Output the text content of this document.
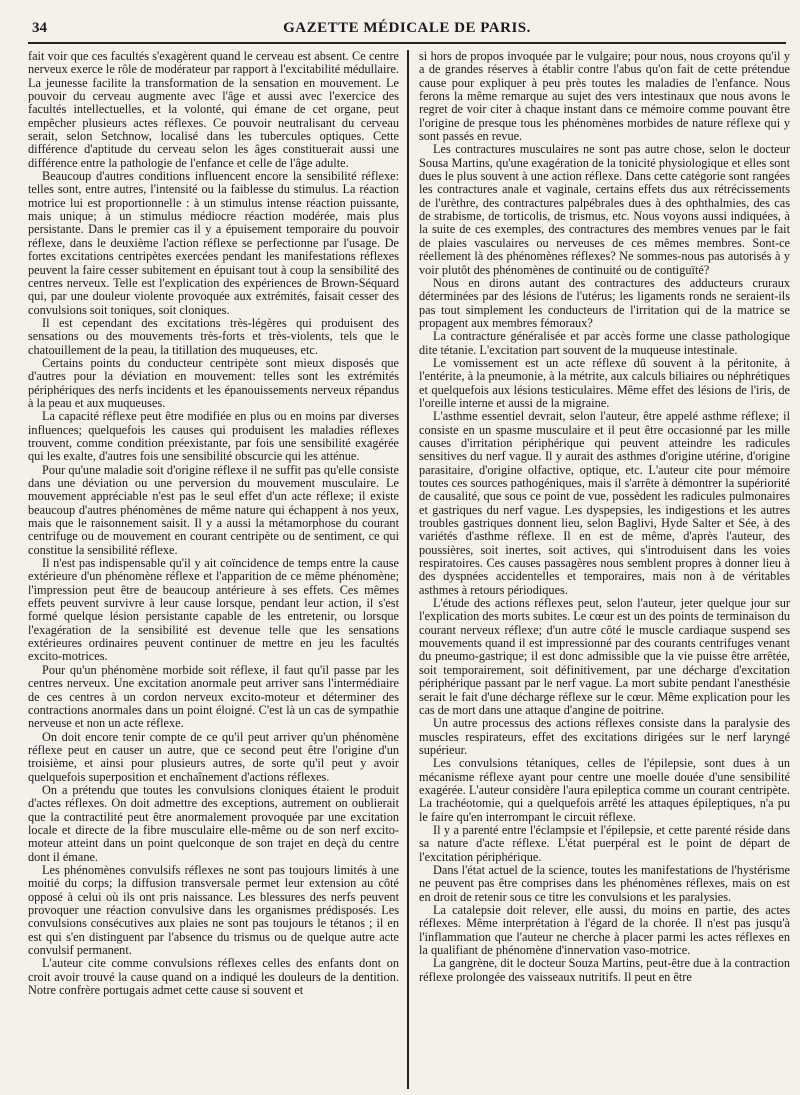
34	GAZETTE MÉDICALE DE PARIS.

fait voir que ces facultés s'exagèrent quand le cerveau est absent. Ce centre nerveux exerce le rôle de modérateur par rapport à l'excitabilité médullaire. La jeunesse facilite la transformation de la sensation en mouvement. Le pouvoir du cerveau augmente avec l'âge et aussi avec l'exercice des facultés intellectuelles, et la volonté, qui émane de cet organe, peut empêcher plusieurs actes réflexes. Ce pouvoir neutralisant du cerveau serait, selon Setchnow, localisé dans les tubercules optiques. Cette différence d'aptitude du cerveau selon les âges constituerait aussi une différence entre la pathologie de l'enfance et celle de l'âge adulte.

Beaucoup d'autres conditions influencent encore la sensibilité réflexe: telles sont, entre autres, l'intensité ou la faiblesse du stimulus. La réaction motrice lui est proportionnelle : à un stimulus intense réaction puissante, mais unique; à un stimulus médiocre réaction modérée, mais plus persistante. Dans le premier cas il y a épuisement temporaire du pouvoir réflexe, dans le deuxième l'action réflexe se perfectionne par l'usage. De fortes excitations centripètes exercées pendant les manifestations réflexes peuvent la faire cesser subitement en épuisant tout à coup la sensibilité des centres nerveux. Telle est l'explication des expériences de Brown-Séquard qui, par une douleur violente provoquée aux extrémités, faisait cesser des convulsions soit toniques, soit cloniques.

Il est cependant des excitations très-légères qui produisent des sensations ou des mouvements très-forts et très-violents, tels que le chatouillement de la peau, la titillation des muqueuses, etc.

Certains points du conducteur centripète sont mieux disposés que d'autres pour la déviation en mouvement: telles sont les extrémités périphériques des nerfs incidents et les épanouissements nerveux répandus à la peau et aux muqueuses.

La capacité réflexe peut être modifiée en plus ou en moins par diverses influences; quelquefois les causes qui produisent les maladies réflexes trouvent, comme condition préexistante, par fois une sensibilité exagérée qui les exalte, d'autres fois une sensibilité obscurcie qui les atténue.

Pour qu'une maladie soit d'origine réflexe il ne suffit pas qu'elle consiste dans une déviation ou une perversion du mouvement musculaire. Le mouvement appréciable n'est pas le seul effet d'un acte réflexe; il existe beaucoup d'autres phénomènes de même nature qui échappent à nos yeux, mais que le raisonnement saisit. Il y a aussi la métamorphose du courant centrifuge ou de mouvement en courant centripète ou de sentiment, ce qui constitue la sensibilité réflexe.

Il n'est pas indispensable qu'il y ait coïncidence de temps entre la cause extérieure d'un phénomène réflexe et l'apparition de ce même phénomène; l'impression peut être de beaucoup antérieure à ses effets. Ces mêmes effets peuvent survivre à leur cause lorsque, pendant leur action, il s'est formé quelque lésion persistante capable de les entretenir, ou lorsque l'exagération de la sensibilité est devenue telle que les sensations extérieures ordinaires peuvent continuer de mettre en jeu les facultés excito-motrices.

Pour qu'un phénomène morbide soit réflexe, il faut qu'il passe par les centres nerveux. Une excitation anormale peut arriver sans l'intermédiaire de ces centres à un cordon nerveux excito-moteur et déterminer des contractions anormales dans un point éloigné. C'est là un cas de sympathie nerveuse et non un acte réflexe.

On doit encore tenir compte de ce qu'il peut arriver qu'un phénomène réflexe peut en causer un autre, que ce second peut être l'origine d'un troisième, et ainsi pour plusieurs autres, de sorte qu'il peut y avoir quelquefois superposition et enchaînement d'actions réflexes.

On a prétendu que toutes les convulsions cloniques étaient le produit d'actes réflexes. On doit admettre des exceptions, autrement on oublierait que la contractilité peut être anormalement provoquée par une excitation locale et directe de la fibre musculaire elle-même ou de son nerf excito-moteur atteint dans un point quelconque de son trajet en deçà du centre dont il émane.

Les phénomènes convulsifs réflexes ne sont pas toujours limités à une moitié du corps; la diffusion transversale permet leur extension au côté opposé à celui où ils ont pris naissance. Les blessures des nerfs peuvent provoquer une réaction convulsive dans les organismes prédisposés. Les convulsions consécutives aux plaies ne sont pas toujours le tétanos ; il en est qui s'en distinguent par l'absence du trismus ou de quelque autre acte convulsif permanent.

L'auteur cite comme convulsions réflexes celles des enfants dont on croit avoir trouvé la cause quand on a indiqué les douleurs de la dentition. Notre confrère portugais admet cette cause si souvent et

si hors de propos invoquée par le vulgaire; pour nous, nous croyons qu'il y a de grandes réserves à établir contre l'abus qu'on fait de cette prétendue cause pour expliquer à peu près toutes les maladies de l'enfance. Nous ferons la même remarque au sujet des vers intestinaux que nous avons le regret de voir citer à chaque instant dans ce mémoire comme pouvant être l'origine de presque tous les phénomènes morbides de nature réflexe qui y sont passés en revue.

Les contractures musculaires ne sont pas autre chose, selon le docteur Sousa Martins, qu'une exagération de la tonicité physiologique et elles sont dues le plus souvent à une action réflexe. Dans cette catégorie sont rangées les contractures anale et vaginale, certains effets dus aux rétrécissements de l'urèthre, des contractures palpébrales dues à des ophthalmies, des cas de strabisme, de torticolis, de trismus, etc. Nous voyons aussi indiquées, à la suite de ces exemples, des contractures des membres venues par le fait de plaies vasculaires ou nerveuses de ces mêmes membres. Sont-ce réellement là des phénomènes réflexes? Ne sommes-nous pas autorisés à y voir plutôt des phénomènes de continuité ou de contiguïté?

Nous en dirons autant des contractures des adducteurs cruraux déterminées par des lésions de l'utérus; les ligaments ronds ne seraient-ils pas tout simplement les conducteurs de l'irritation qui de la matrice se propagent aux membres fémoraux?

La contracture généralisée et par accès forme une classe pathologique dite tétanie. L'excitation part souvent de la muqueuse intestinale.

Le vomissement est un acte réflexe dû souvent à la péritonite, à l'entérite, à la pneumonie, à la métrite, aux calculs biliaires ou néphrétiques et quelquefois aux lésions testiculaires. Même effet des lésions de l'iris, de l'oreille interne et aussi de la migraine.

L'asthme essentiel devrait, selon l'auteur, être appelé asthme réflexe; il consiste en un spasme musculaire et il peut être occasionné par les mille causes d'irritation périphérique qui peuvent atteindre les radicules sensitives du nerf vague. Il y aurait des asthmes d'origine utérine, d'origine parasitaire, d'origine olfactive, optique, etc. L'auteur cite pour mémoire toutes ces sources pathogéniques, mais il s'arrête à démontrer la supériorité de causalité, que sous ce point de vue, possèdent les radicules pulmonaires et gastriques du nerf vague. Les dyspepsies, les indigestions et les autres troubles gastriques donnent lieu, selon Baglivi, Hyde Salter et Sée, à des variétés d'asthme réflexe. Il en est de même, d'après l'auteur, des poussières, soit inertes, soit actives, qui s'introduisent dans les voies respiratoires. Ces causes passagères nous semblent propres à donner lieu à des dyspnées accidentelles et temporaires, mais non à de véritables asthmes à retours périodiques.

L'étude des actions réflexes peut, selon l'auteur, jeter quelque jour sur l'explication des morts subites. Le cœur est un des points de terminaison du courant nerveux réflexe; d'un autre côté le muscle cardiaque suspend ses mouvements quand il est impressionné par des courants centrifuges venant du pneumo-gastrique; il est donc admissible que la vie puisse être arrêtée, soit temporairement, soit définitivement, par une décharge d'excitation périphérique passant par le nerf vague. La mort subite pendant l'anesthésie serait le fait d'une décharge réflexe sur le cœur. Même explication pour les cas de mort dans une attaque d'angine de poitrine.

Un autre processus des actions réflexes consiste dans la paralysie des muscles respirateurs, effet des excitations dirigées sur le nerf laryngé supérieur.

Les convulsions tétaniques, celles de l'épilepsie, sont dues à un mécanisme réflexe ayant pour centre une moelle douée d'une sensibilité exagérée. L'auteur considère l'aura epileptica comme un courant centripète. La trachéotomie, qui a quelquefois arrêté les attaques épileptiques, n'a pu le faire qu'en interrompant le circuit réflexe.

Il y a parenté entre l'éclampsie et l'épilepsie, et cette parenté réside dans sa nature d'acte réflexe. L'état puerpéral est le point de départ de l'excitation périphérique.

Dans l'état actuel de la science, toutes les manifestations de l'hystérisme ne peuvent pas être comprises dans les phénomènes réflexes, mais on est en droit de retenir sous ce titre les convulsions et les paralysies.

La catalepsie doit relever, elle aussi, du moins en partie, des actes réflexes. Même interprétation à l'égard de la chorée. Il n'est pas jusqu'à l'inflammation que l'auteur ne cherche à placer parmi les actes réflexes en la qualifiant de phénomène d'innervation vaso-motrice.

La gangrène, dit le docteur Souza Martins, peut-être due à la contraction réflexe prolongée des vaisseaux nutritifs. Il peut en être
